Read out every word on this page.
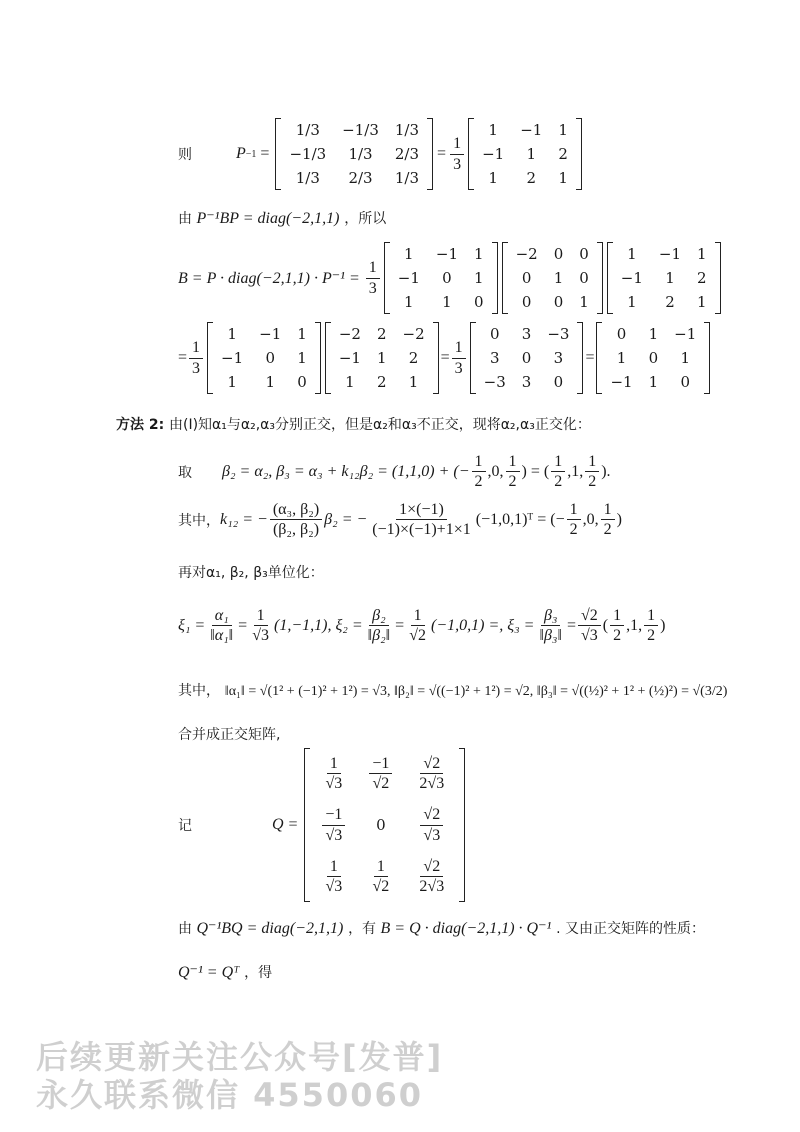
则	P −1 =
1/3	−1/3	1/3
−1/3	1/3	2/3
1/3	2/3	1/3
= $\frac{1}{3}$
1	−1	1
−1	1	2
1	2	1
由 P⁻¹BP = diag(−2,1,1) ，所以
B = P · diag(−2,1,1) · $P^{-1} = \frac{1}{3}$
1	−1	1
−1	0	1
1	1	0
−2	0	0
0	1	0
0	0	1
1	−1	1
−1	1	2
1	2	1
= $\frac{1}{3}$
1	−1	1
−1	0	1
1	1	0
−2	2	−2
−1	1	2
1	2	1
= $\frac{1}{3}$
0	3	−3
3	0	3
−3	3	0
=
0	1	−1
1	0	1
−1	1	0
方法 2: 由(I)知α₁与α₂,α₃分别正交，但是α₂和α₃不正交，现将α₂,α₃正交化：
取 β₂ = α₂, β₃ = α₃ + k₁₂β₂ = (1,1,0) + (− $\frac{1}{2} ,0$, $\frac{1}{2}$ ) = ( $\frac{1}{2} ,1$, $\frac{1}{2}$ ).
其中， k₁₂ = − $\frac{\text{(α₃, β₂)}}{\text{(β₂, β₂)}} \beta_2$ = − $\frac{1\times(-1)}{(-1)\times(-1)+1\times 1}$ (−1,0,1)ᵀ = (− $\frac{1}{2} ,0$, $\frac{1}{2}$ )
再对α₁, β₂, β₃单位化：
$\xi_1 = \frac{\text{α₁}}{\text{‖α₁‖}} = \frac{1}{√3} (1,-1,1)$, $\xi_2 = \frac{\text{β₂}}{\text{‖β₂‖}} = \frac{1}{√2} (-1,0,1)$ =, $\xi_3 = \frac{\text{β₃}}{\text{‖β₃‖}} = \frac{√2}{√3}$ ( $\frac{1}{2} ,1$, $\frac{1}{2}$ )
其中， ‖α₁‖ = √(1² + (−1)² + 1²) = √3, ‖β₂‖ = √((−1)² + 1²) = √2, ‖β₃‖ = √((½)² + 1² + (½)²) = √(3/2)
合并成正交矩阵,
记	Q =
$\frac{1}{√3}$	$\frac{-1}{√2}$	$\frac{√2}{2√3}$

$\frac{-1}{√3}$	0	$\frac{√2}{√3}$

$\frac{1}{√3}$	$\frac{1}{√2}$	$\frac{√2}{2√3}$
由 Q⁻¹BQ = diag(−2,1,1) ，有 B = Q · diag(−2,1,1) · Q⁻¹ . 又由正交矩阵的性质：
Q⁻¹ = Qᵀ ，得
后续更新关注公众号[发普]
永久联系微信 4550060
